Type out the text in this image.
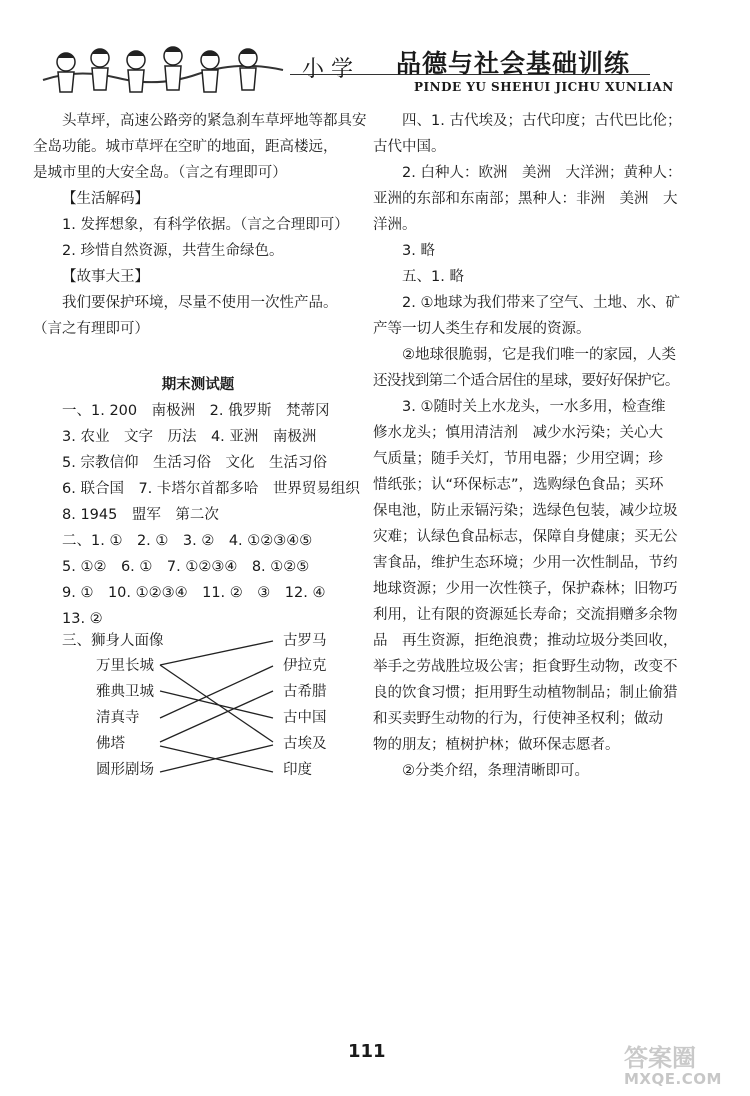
小 学 品德与社会基础训练
PINDE YU SHEHUI JICHU XUNLIAN

头草坪，高速公路旁的紧急刹车草坪地等都具安

全岛功能。城市草坪在空旷的地面，距高楼远，

是城市里的大安全岛。（言之有理即可）

【生活解码】

1. 发挥想象，有科学依据。（言之合理即可）

2. 珍惜自然资源，共营生命绿色。

【故事大王】

我们要保护环境，尽量不使用一次性产品。

（言之有理即可）

期末测试题

一、1. 200　南极洲　2. 俄罗斯　梵蒂冈

3. 农业　文字　历法　4. 亚洲　南极洲

5. 宗教信仰　生活习俗　文化　生活习俗

6. 联合国　7. 卡塔尔首都多哈　世界贸易组织

8. 1945　盟军　第二次

二、1. ①　2. ①　3. ②　4. ①②③④⑤

5. ①②　6. ①　7. ①②③④　8. ①②⑤

9. ①　10. ①②③④　11. ②　③　12. ④

13. ②

三、狮身人面像
万里长城
雅典卫城
清真寺
佛塔
圆形剧场
古罗马
伊拉克
古希腊
古中国
古埃及
印度

四、1. 古代埃及；古代印度；古代巴比伦；

古代中国。

2. 白种人：欧洲　美洲　大洋洲；黄种人：

亚洲的东部和东南部；黑种人：非洲　美洲　大

洋洲。

3. 略

五、1. 略

2. ①地球为我们带来了空气、土地、水、矿

产等一切人类生存和发展的资源。

②地球很脆弱，它是我们唯一的家园，人类

还没找到第二个适合居住的星球，要好好保护它。

3. ①随时关上水龙头，一水多用，检查维

修水龙头；慎用清洁剂　减少水污染；关心大

气质量；随手关灯，节用电器；少用空调；珍

惜纸张；认“环保标志”，选购绿色食品；买环

保电池，防止汞镉污染；选绿色包装，减少垃圾

灾难；认绿色食品标志，保障自身健康；买无公

害食品，维护生态环境；少用一次性制品，节约

地球资源；少用一次性筷子，保护森林；旧物巧

利用，让有限的资源延长寿命；交流捐赠多余物

品　再生资源，拒绝浪费；推动垃圾分类回收，

举手之劳战胜垃圾公害；拒食野生动物，改变不

良的饮食习惯；拒用野生动植物制品；制止偷猎

和买卖野生动物的行为，行使神圣权利；做动

物的朋友；植树护林；做环保志愿者。

②分类介绍，条理清晰即可。

111	答案圈
MXQE.COM
